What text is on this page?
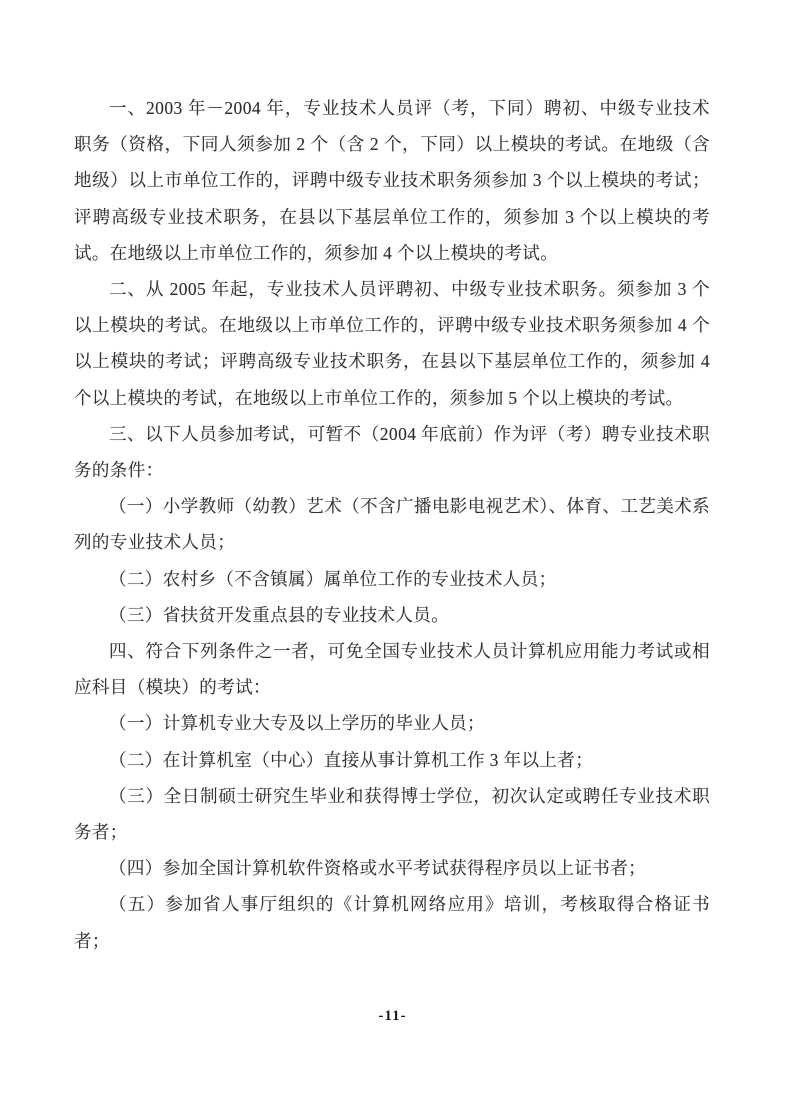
一、2003 年－2004 年，专业技术人员评（考，下同）聘初、中级专业技术职务（资格，下同人须参加 2 个（含 2 个，下同）以上模块的考试。在地级（含地级）以上市单位工作的，评聘中级专业技术职务须参加 3 个以上模块的考试；评聘高级专业技术职务，在县以下基层单位工作的，须参加 3 个以上模块的考试。在地级以上市单位工作的，须参加 4 个以上模块的考试。

二、从 2005 年起，专业技术人员评聘初、中级专业技术职务。须参加 3 个以上模块的考试。在地级以上市单位工作的，评聘中级专业技术职务须参加 4 个以上模块的考试；评聘高级专业技术职务，在县以下基层单位工作的，须参加 4 个以上模块的考试，在地级以上市单位工作的，须参加 5 个以上模块的考试。

三、以下人员参加考试，可暂不（2004 年底前）作为评（考）聘专业技术职务的条件：

（一）小学教师（幼教）艺术（不含广播电影电视艺术）、体育、工艺美术系列的专业技术人员；

（二）农村乡（不含镇属）属单位工作的专业技术人员；

（三）省扶贫开发重点县的专业技术人员。

四、符合下列条件之一者，可免全国专业技术人员计算机应用能力考试或相应科目（模块）的考试：

（一）计算机专业大专及以上学历的毕业人员；

（二）在计算机室（中心）直接从事计算机工作 3 年以上者；

（三）全日制硕士研究生毕业和获得博士学位，初次认定或聘任专业技术职务者；

（四）参加全国计算机软件资格或水平考试获得程序员以上证书者；

（五）参加省人事厅组织的《计算机网络应用》培训，考核取得合格证书者；

-11-
